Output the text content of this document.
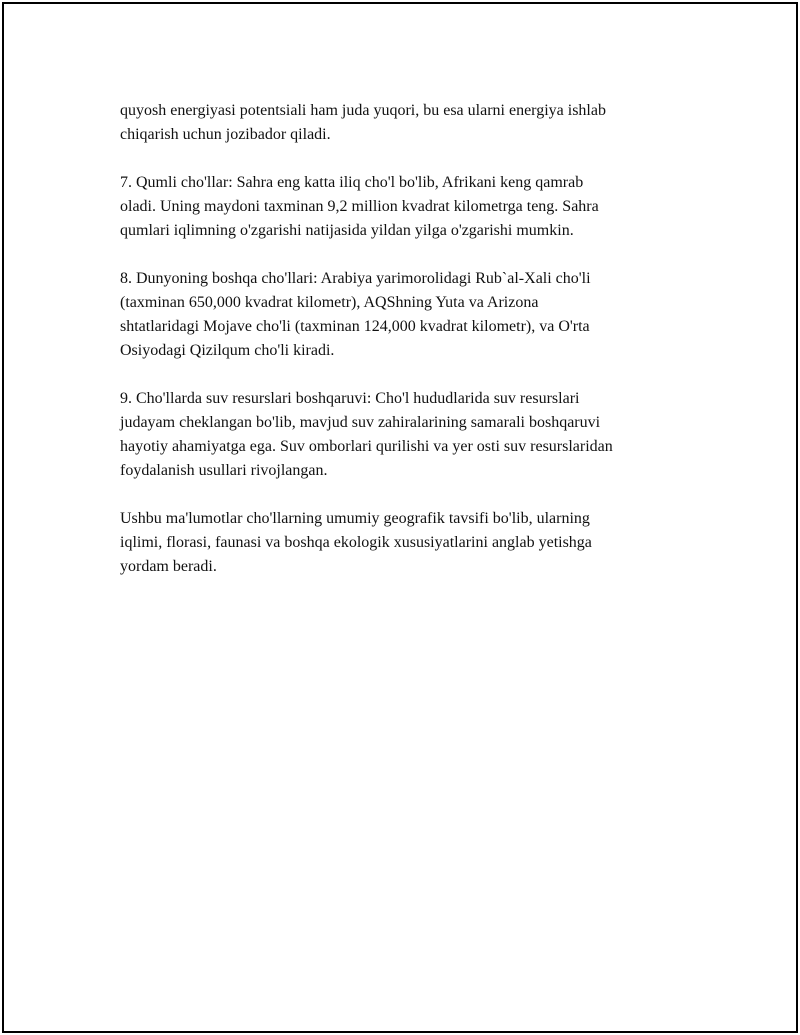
quyosh energiyasi potentsiali ham juda yuqori, bu esa ularni energiya ishlab
chiqarish uchun jozibador qiladi.

7. Qumli cho'llar: Sahra eng katta iliq cho'l bo'lib, Afrikani keng qamrab
oladi. Uning maydoni taxminan 9,2 million kvadrat kilometrga teng. Sahra
qumlari iqlimning o'zgarishi natijasida yildan yilga o'zgarishi mumkin.

8. Dunyoning boshqa cho'llari: Arabiya yarimorolidagi Rub`al-Xali cho'li
(taxminan 650,000 kvadrat kilometr), AQShning Yuta va Arizona
shtatlaridagi Mojave cho'li (taxminan 124,000 kvadrat kilometr), va O'rta
Osiyodagi Qizilqum cho'li kiradi.

9. Cho'llarda suv resurslari boshqaruvi: Cho'l hududlarida suv resurslari
judayam cheklangan bo'lib, mavjud suv zahiralarining samarali boshqaruvi
hayotiy ahamiyatga ega. Suv omborlari qurilishi va yer osti suv resurslaridan
foydalanish usullari rivojlangan.

Ushbu ma'lumotlar cho'llarning umumiy geografik tavsifi bo'lib, ularning
iqlimi, florasi, faunasi va boshqa ekologik xususiyatlarini anglab yetishga
yordam beradi.
